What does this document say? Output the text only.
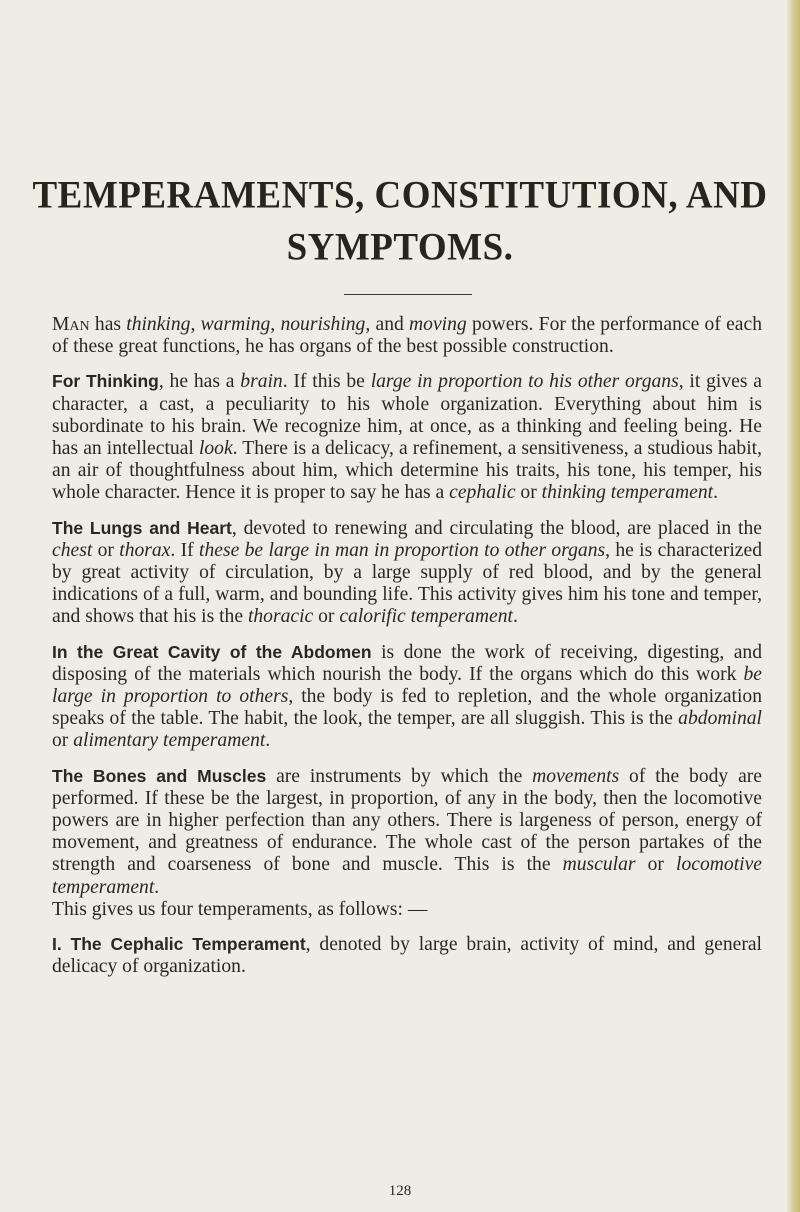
TEMPERAMENTS, CONSTITUTION, AND
SYMPTOMS.

Man has thinking, warming, nourishing, and moving powers. For the performance of each of these great functions, he has organs of the best possible construction.

For Thinking, he has a brain. If this be large in proportion to his other organs, it gives a character, a cast, a peculiarity to his whole organization. Everything about him is subordinate to his brain. We recognize him, at once, as a thinking and feeling being. He has an intellectual look. There is a delicacy, a refinement, a sensitiveness, a studious habit, an air of thoughtfulness about him, which determine his traits, his tone, his temper, his whole character. Hence it is proper to say he has a cephalic or thinking temperament.

The Lungs and Heart, devoted to renewing and circulating the blood, are placed in the chest or thorax. If these be large in man in proportion to other organs, he is characterized by great activity of circulation, by a large supply of red blood, and by the general indications of a full, warm, and bounding life. This activity gives him his tone and temper, and shows that his is the thoracic or calorific temperament.

In the Great Cavity of the Abdomen is done the work of receiving, digesting, and disposing of the materials which nourish the body. If the organs which do this work be large in proportion to others, the body is fed to repletion, and the whole organization speaks of the table. The habit, the look, the temper, are all sluggish. This is the abdominal or alimentary temperament.

The Bones and Muscles are instruments by which the movements of the body are performed. If these be the largest, in proportion, of any in the body, then the locomotive powers are in higher perfection than any others. There is largeness of person, energy of movement, and greatness of endurance. The whole cast of the person partakes of the strength and coarseness of bone and muscle. This is the muscular or locomotive temperament.

This gives us four temperaments, as follows: —

I. The Cephalic Temperament, denoted by large brain, activity of mind, and general delicacy of organization.

128
